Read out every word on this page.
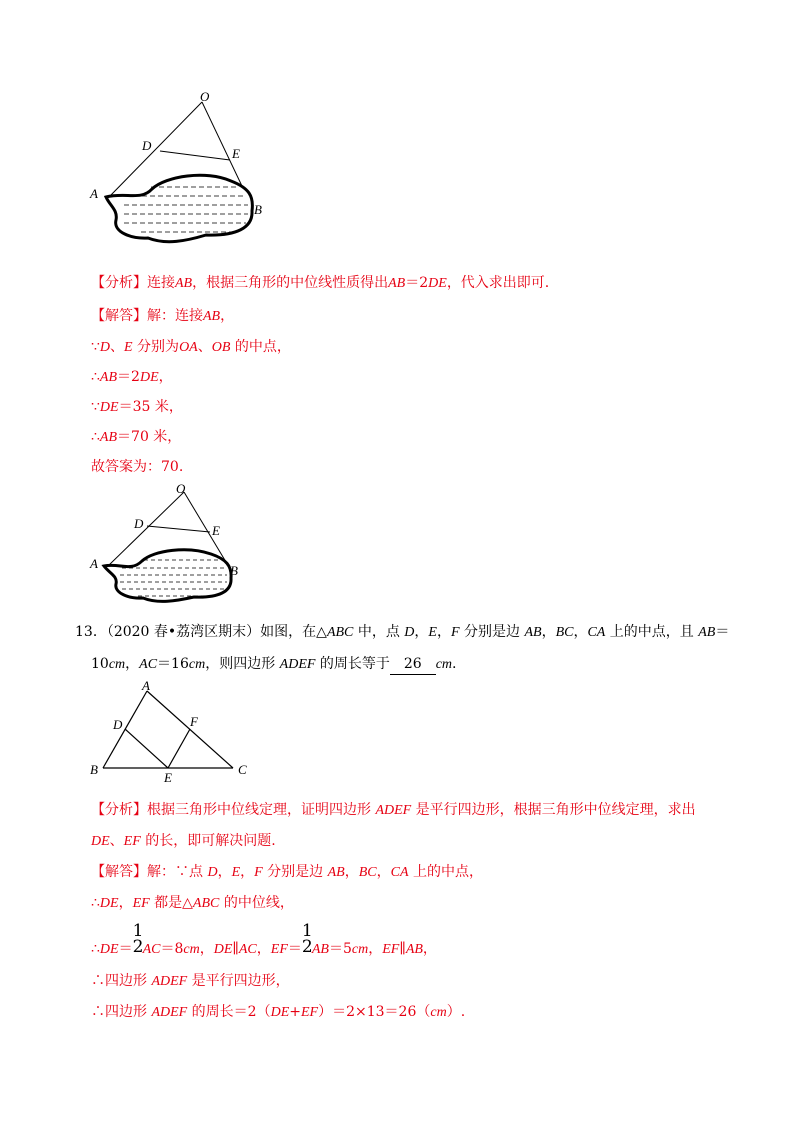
O
D
E
A
B
【分析】连接AB，根据三角形的中位线性质得出AB＝2DE，代入求出即可.
【解答】解：连接AB，
∵D、E 分别为OA、OB 的中点，
∴AB＝2DE，
∵DE＝35 米，
∴AB＝70 米，
故答案为：70.
O
D	E
A	B
13．（2020 春•荔湾区期末）如图，在△ABC 中，点 D，E，F 分别是边 AB，BC，CA 上的中点，且 AB＝
10cm，AC＝16cm，则四边形 ADEF 的周长等于 26 cm.
A
D	F
B
E
C
【分析】根据三角形中位线定理，证明四边形 ADEF 是平行四边形，根据三角形中位线定理，求出
DE、EF 的长，即可解决问题.
【解答】解：∵点 D，E，F 分别是边 AB，BC，CA 上的中点，
∴DE，EF 都是△ABC 的中位线，
∴DE＝
1
2 AC＝8cm，DE∥AC，EF＝
1
2 AB＝5cm，EF∥AB，
∴四边形 ADEF 是平行四边形，
∴四边形 ADEF 的周长＝2（DE+EF）＝2×13＝26（cm）.
